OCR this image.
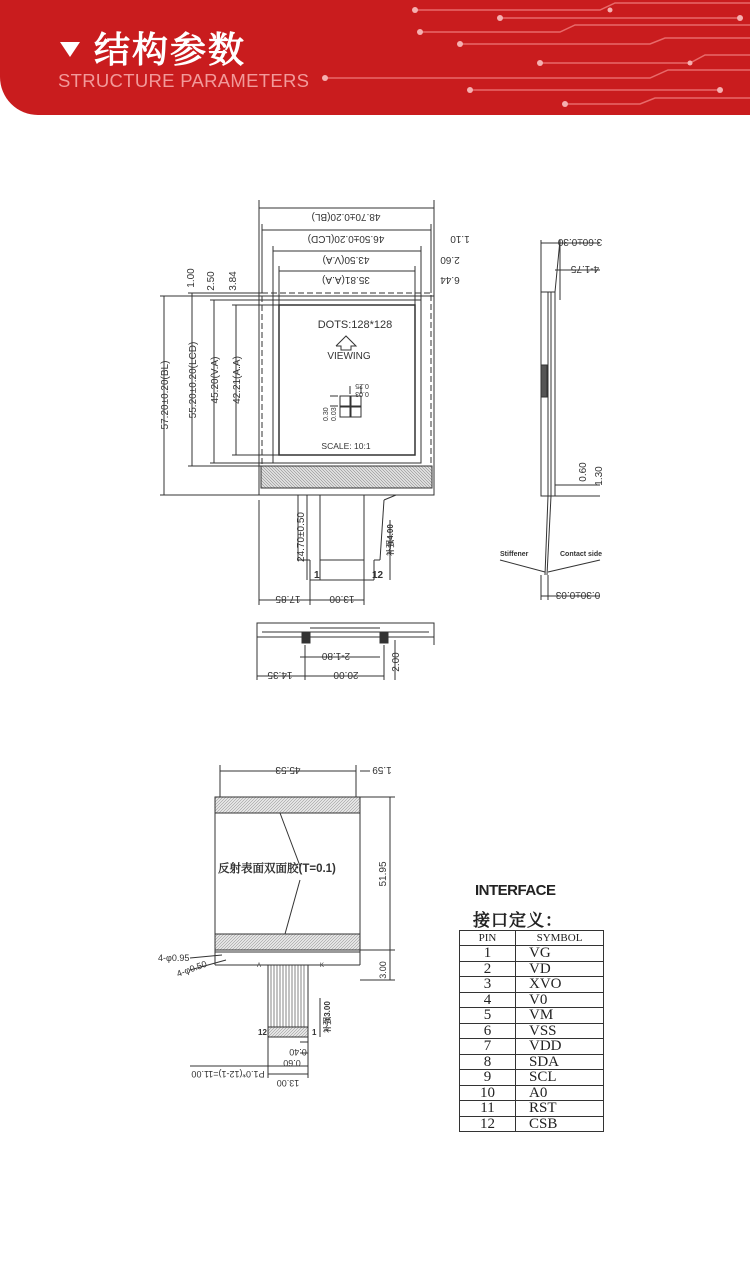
结构参数
STRUCTURE PARAMETERS
48.70±0.20(BL)
46.50±0.20(LCD)
43.50(V.A)
35.81(A.A)
1.10
2.60
6.44
57.20±0.20(BL) 55.20±0.20(LCD) 45.20(V.A) 42.21(A.A)
1.00 2.50 3.84
DOTS:128*128
VIEWING
SCALE: 10:1
0.25
0.03
0.30 0.03
24.70±0.50	补强4.00
1	12
17.85	13.00
3.60±0.30
4-1.75
0.60 1.30
0.30±0.03
Stiffener	Contact side
2-1.80	2.00
14.35	20.00
45.53	1.59
51.95
反射表面双面胶(T=0.1)
4-φ0.95
4-φ0.50
补强3.00
12	1
0.40
0.60
P1.0*(12-1)=11.00
13.00
3.00
A	K
INTERFACE
接口定义：
PIN	SYMBOL
1	VG
2	VD
3	XVO
4	V0
5	VM
6	VSS
7	VDD
8	SDA
9	SCL
10	A0
11	RST
12	CSB
